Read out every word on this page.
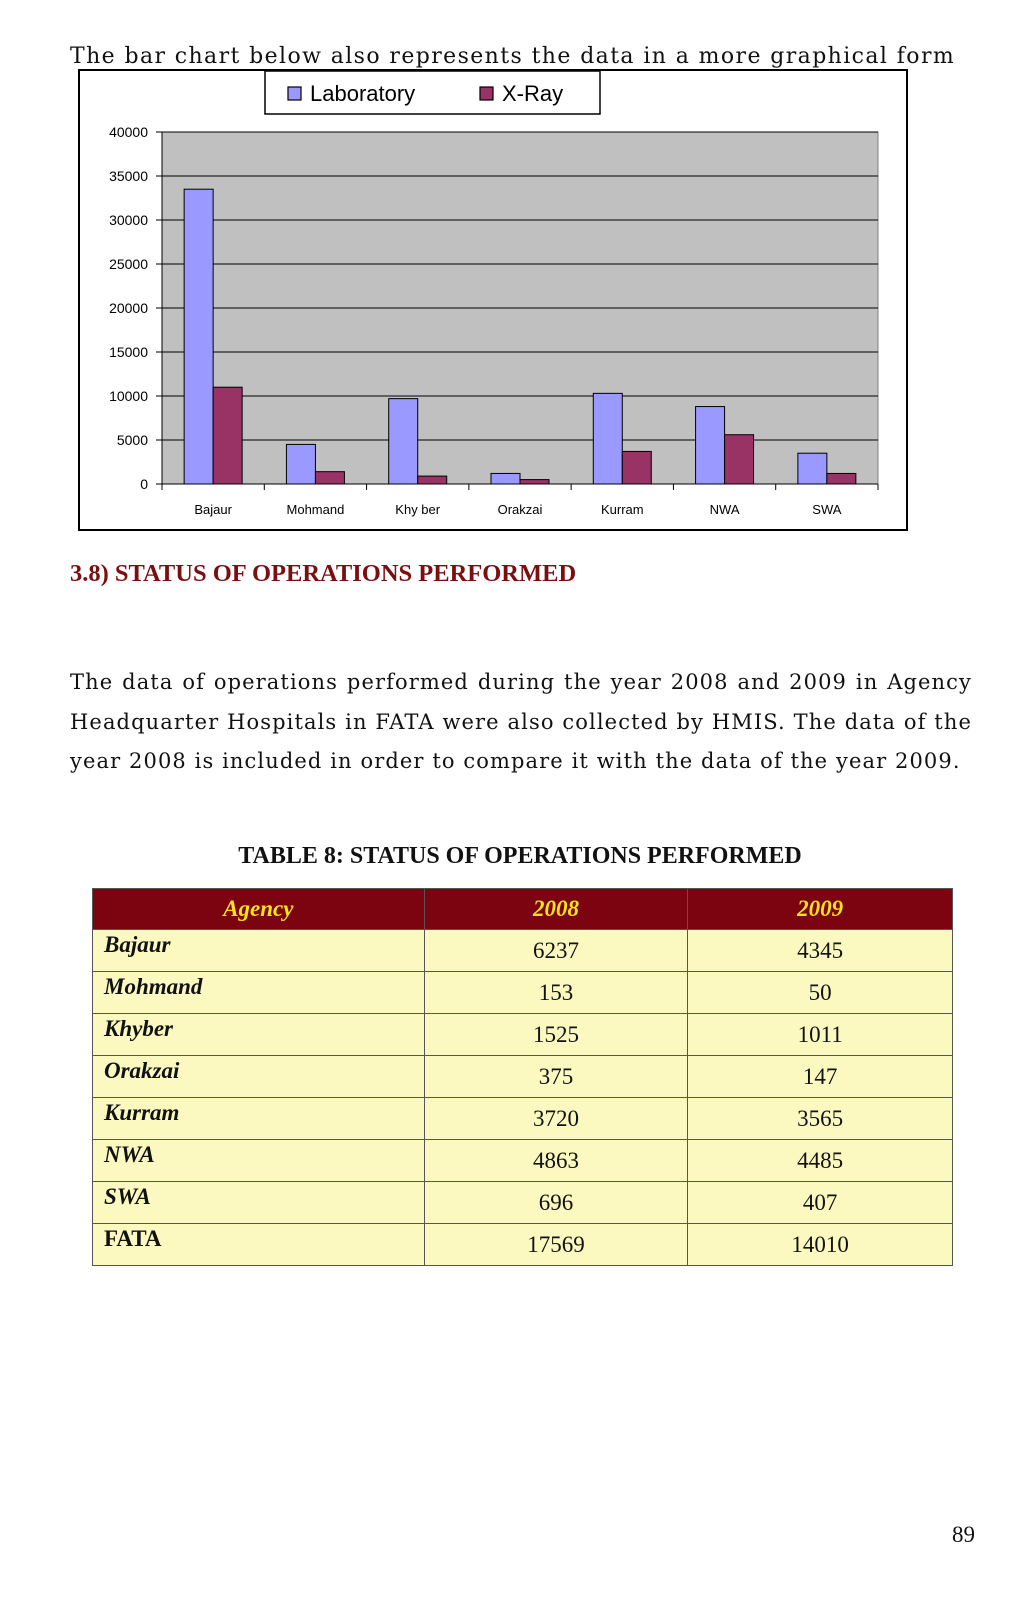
The bar chart below also represents the data in a more graphical form

0
5000
10000
15000
20000
25000
30000
35000
40000
Bajaur	Mohmand	Khy ber	Orakzai	Kurram	NWA	SWA
Laboratory	X-Ray
3.8) STATUS OF OPERATIONS PERFORMED

The data of operations performed during the year 2008 and 2009 in Agency Headquarter Hospitals in FATA were also collected by HMIS. The data of the year 2008 is included in order to compare it with the data of the year 2009.

TABLE 8: STATUS OF OPERATIONS PERFORMED
Agency	2008	2009
Bajaur	6237	4345
Mohmand	153	50
Khyber	1525	1011
Orakzai	375	147
Kurram	3720	3565
NWA	4863	4485
SWA	696	407
FATA	17569	14010
89
